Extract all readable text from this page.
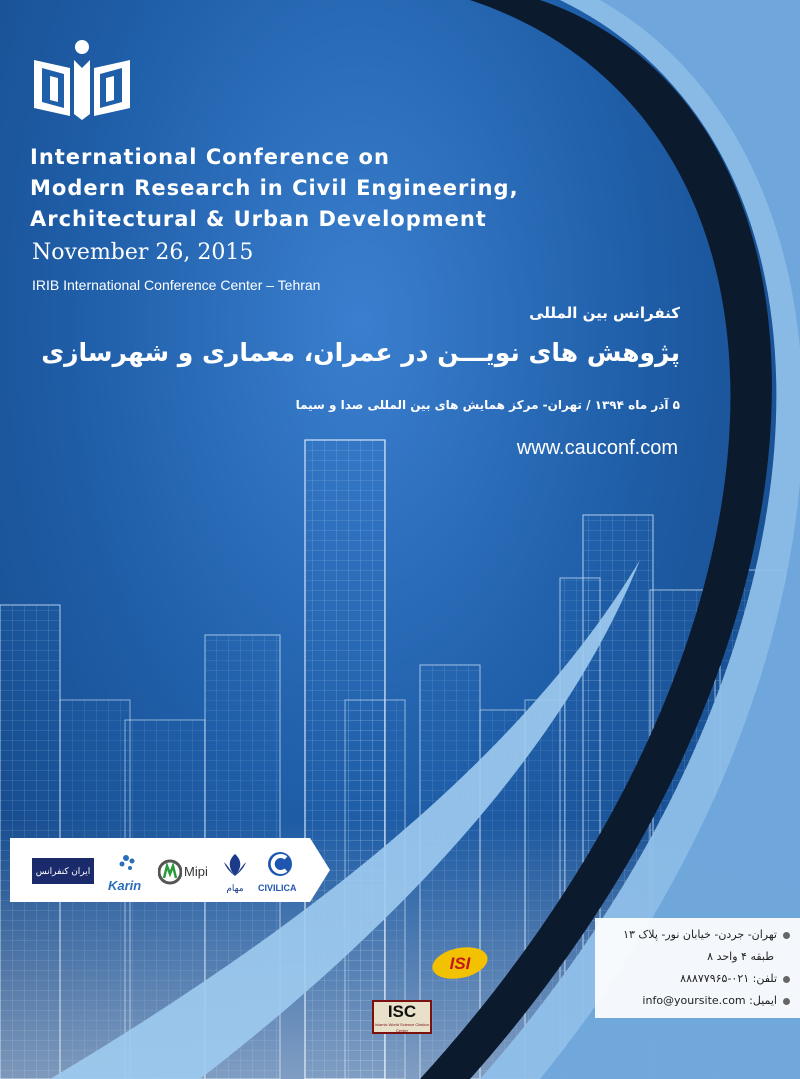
International Conference on
Modern Research in Civil Engineering,
Architectural & Urban Development
November 26, 2015
IRIB International Conference Center – Tehran
کنفرانس بین المللی
پژوهش های نویـــن در عمران، معماری و شهرسازی
۵ آذر ماه ۱۳۹۴ / تهران- مرکز همایش های بین المللی صدا و سیما
www.cauconf.com
ایران کنفرانس
Karin
Mipi
مهام	CIVILICA
ISI
ISC
Islamic World Science Citation Center
تهران- جردن- خیابان نور- پلاک ۱۳
طبقه ۴ واحد ۸
تلفن: ۰۲۱-۸۸۸۷۷۹۶۵
ایمیل: info@yoursite.com
